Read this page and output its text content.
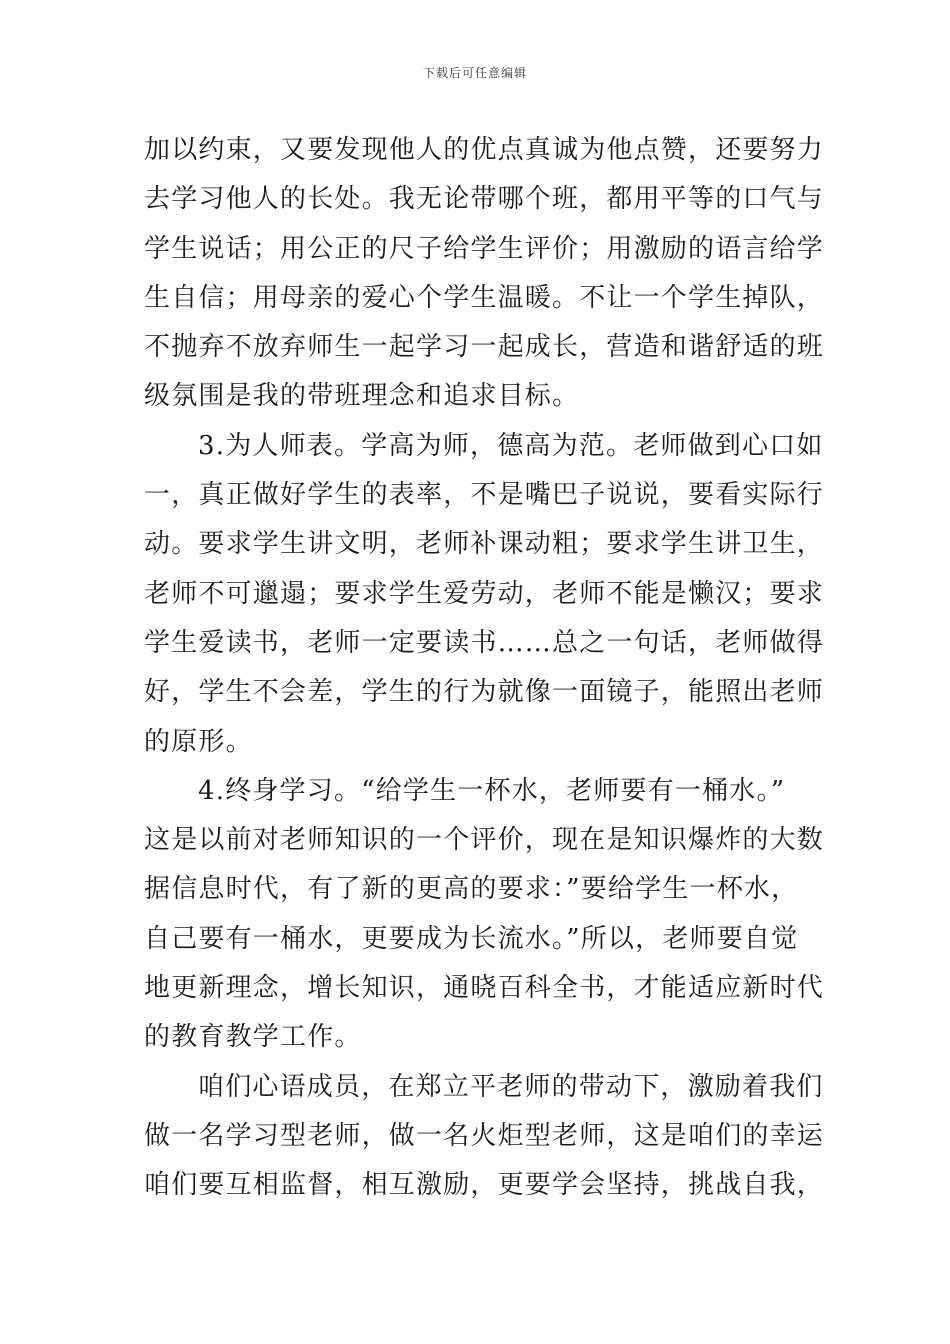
下载后可任意编辑
加以约束，又要发现他人的优点真诚为他点赞，还要努力
去学习他人的长处。我无论带哪个班，都用平等的口气与
学生说话；用公正的尺子给学生评价；用激励的语言给学
生自信；用母亲的爱心个学生温暖。不让一个学生掉队，
不抛弃不放弃师生一起学习一起成长，营造和谐舒适的班
级氛围是我的带班理念和追求目标。
3.为人师表。学高为师，德高为范。老师做到心口如
一，真正做好学生的表率，不是嘴巴子说说，要看实际行
动。要求学生讲文明，老师补课动粗；要求学生讲卫生，
老师不可邋遢；要求学生爱劳动，老师不能是懒汉；要求
学生爱读书，老师一定要读书……总之一句话，老师做得
好，学生不会差，学生的行为就像一面镜子，能照出老师
的原形。
4.终身学习。“给学生一杯水，老师要有一桶水。”
这是以前对老师知识的一个评价，现在是知识爆炸的大数
据信息时代，有了新的更高的要求：”要给学生一杯水，
自己要有一桶水，更要成为长流水。”所以，老师要自觉
地更新理念，增长知识，通晓百科全书，才能适应新时代
的教育教学工作。
咱们心语成员，在郑立平老师的带动下，激励着我们
做一名学习型老师，做一名火炬型老师，这是咱们的幸运
咱们要互相监督，相互激励，更要学会坚持，挑战自我，
